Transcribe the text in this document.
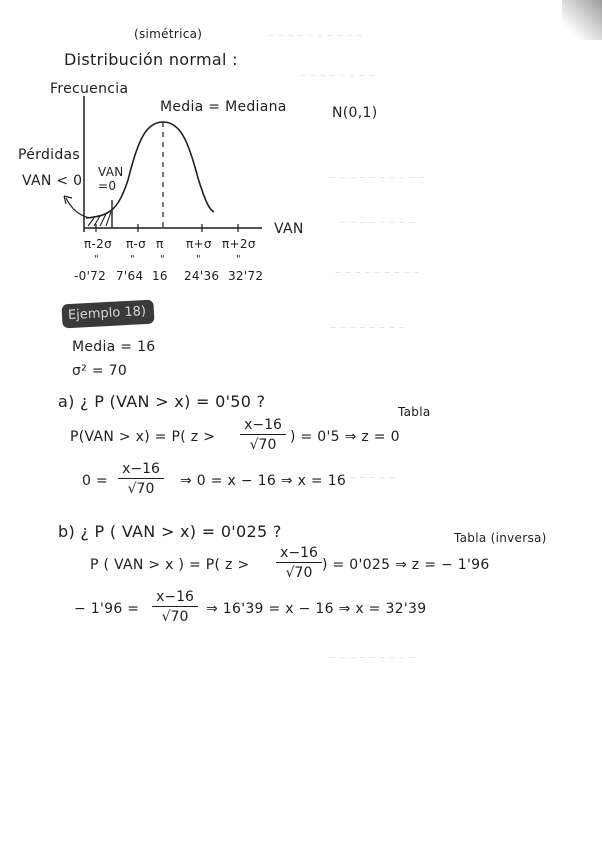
– – – – – – – – – –
– – – – – – – –
– – – – – – – – – –
– – – – – – – –
– – – – – – – – –
– – – – – – – –
– – – – – – –
– – – – – – – – –
(simétrica)
Distribución normal :
"	"	"	"	"
Frecuencia
Media = Mediana	N(0,1)
Pérdidas
VAN < 0
VAN
=0
VAN
π-2σ π-σ π π+σ π+2σ
-0'72 7'64 16 24'36 32'72
Ejemplo 18)
Media = 16
σ² = 70
a) ¿ P (VAN > x) = 0'50 ?
Tabla
P(VAN > x) = P( z >
x−16
√70 ) = 0'5 ⇒ z = 0
0 =
x−16
√70	⇒ 0 = x − 16 ⇒ x = 16
b) ¿ P ( VAN > x) = 0'025 ?	Tabla (inversa)
P ( VAN > x ) = P( z >
x−16
√70 ) = 0'025 ⇒ z = − 1'96
− 1'96 =
x−16
√70	⇒ 16'39 = x − 16 ⇒ x = 32'39
